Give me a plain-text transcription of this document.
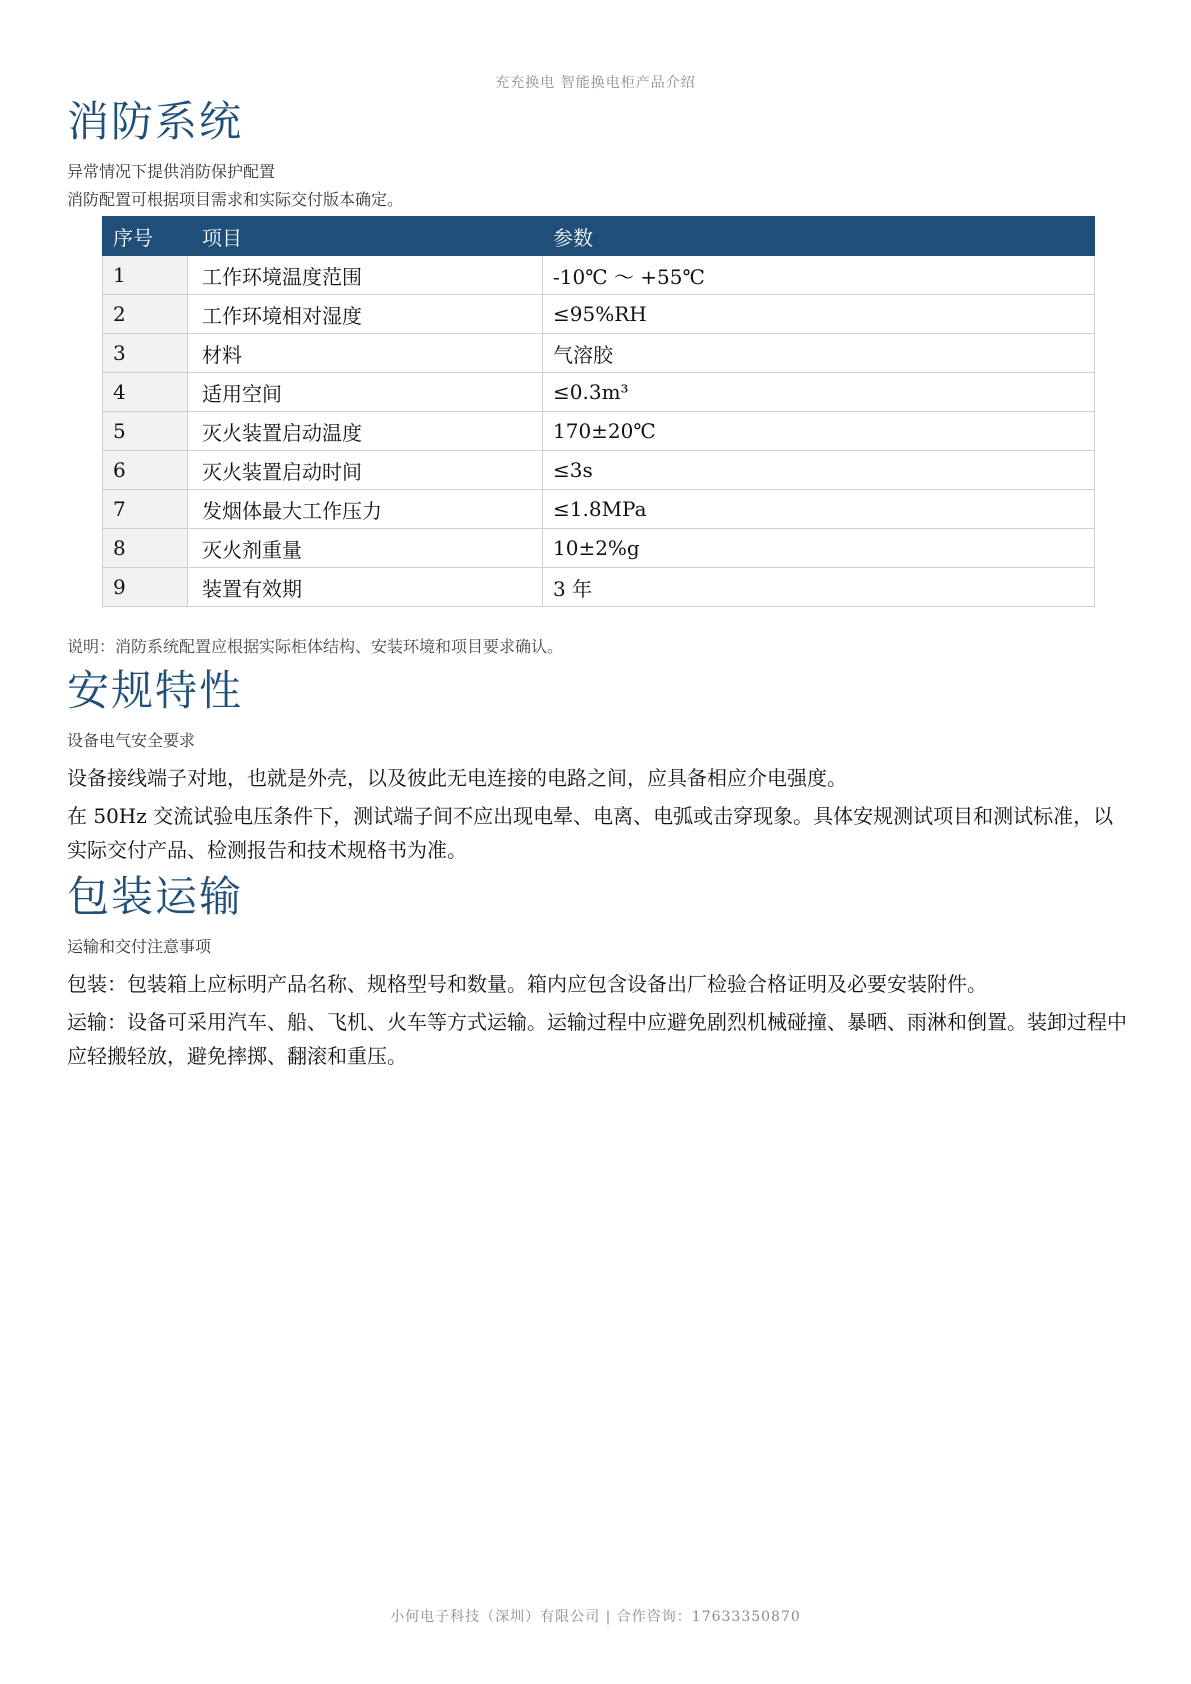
充充换电 智能换电柜产品介绍
消防系统

异常情况下提供消防保护配置

消防配置可根据项目需求和实际交付版本确定。

序号	项目	参数
1	工作环境温度范围	-10℃ ～ +55℃
2	工作环境相对湿度	≤95%RH
3	材料	气溶胶
4	适用空间	≤0.3m³
5	灭火装置启动温度	170±20℃
6	灭火装置启动时间	≤3s
7	发烟体最大工作压力	≤1.8MPa
8	灭火剂重量	10±2%g
9	装置有效期	3 年

说明：消防系统配置应根据实际柜体结构、安装环境和项目要求确认。

安规特性

设备电气安全要求

设备接线端子对地，也就是外壳，以及彼此无电连接的电路之间，应具备相应介电强度。

在 50Hz 交流试验电压条件下，测试端子间不应出现电晕、电离、电弧或击穿现象。具体安规测试项目和测试标准，以实际交付产品、检测报告和技术规格书为准。

包装运输

运输和交付注意事项

包装：包装箱上应标明产品名称、规格型号和数量。箱内应包含设备出厂检验合格证明及必要安装附件。

运输：设备可采用汽车、船、飞机、火车等方式运输。运输过程中应避免剧烈机械碰撞、暴晒、雨淋和倒置。装卸过程中应轻搬轻放，避免摔掷、翻滚和重压。

小何电子科技（深圳）有限公司 | 合作咨询：17633350870
